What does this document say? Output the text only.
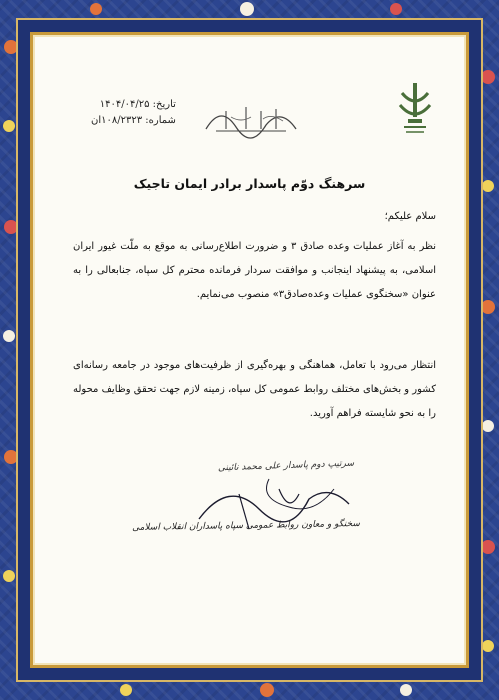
تاریخ: ۱۴۰۴/۰۴/۲۵
شماره: ۱۰۸/۲۳۲۳ان
سرهنگ دوّم پاسدار برادر ایمان تاجیک
سلام علیکم؛
نظر به آغاز عملیات وعده صادق ۳ و ضرورت اطلاع‌رسانی به موقع به ملّت غیور ایران اسلامی، به پیشنهاد اینجانب و موافقت سردار فرمانده محترم کل سپاه، جنابعالی را به عنوان «سخنگوی عملیات وعده‌صادق۳» منصوب می‌نمایم.
انتظار می‌رود با تعامل، هماهنگی و بهره‌گیری از ظرفیت‌های موجود در جامعه رسانه‌ای کشور و بخش‌های مختلف روابط عمومی کل سپاه، زمینه لازم جهت تحقق وظایف محوله را به نحو شایسته فراهم آورید.
سرتیپ دوم پاسدار علی محمد نائینی
سخنگو و معاون روابط عمومی سپاه پاسداران انقلاب اسلامی
